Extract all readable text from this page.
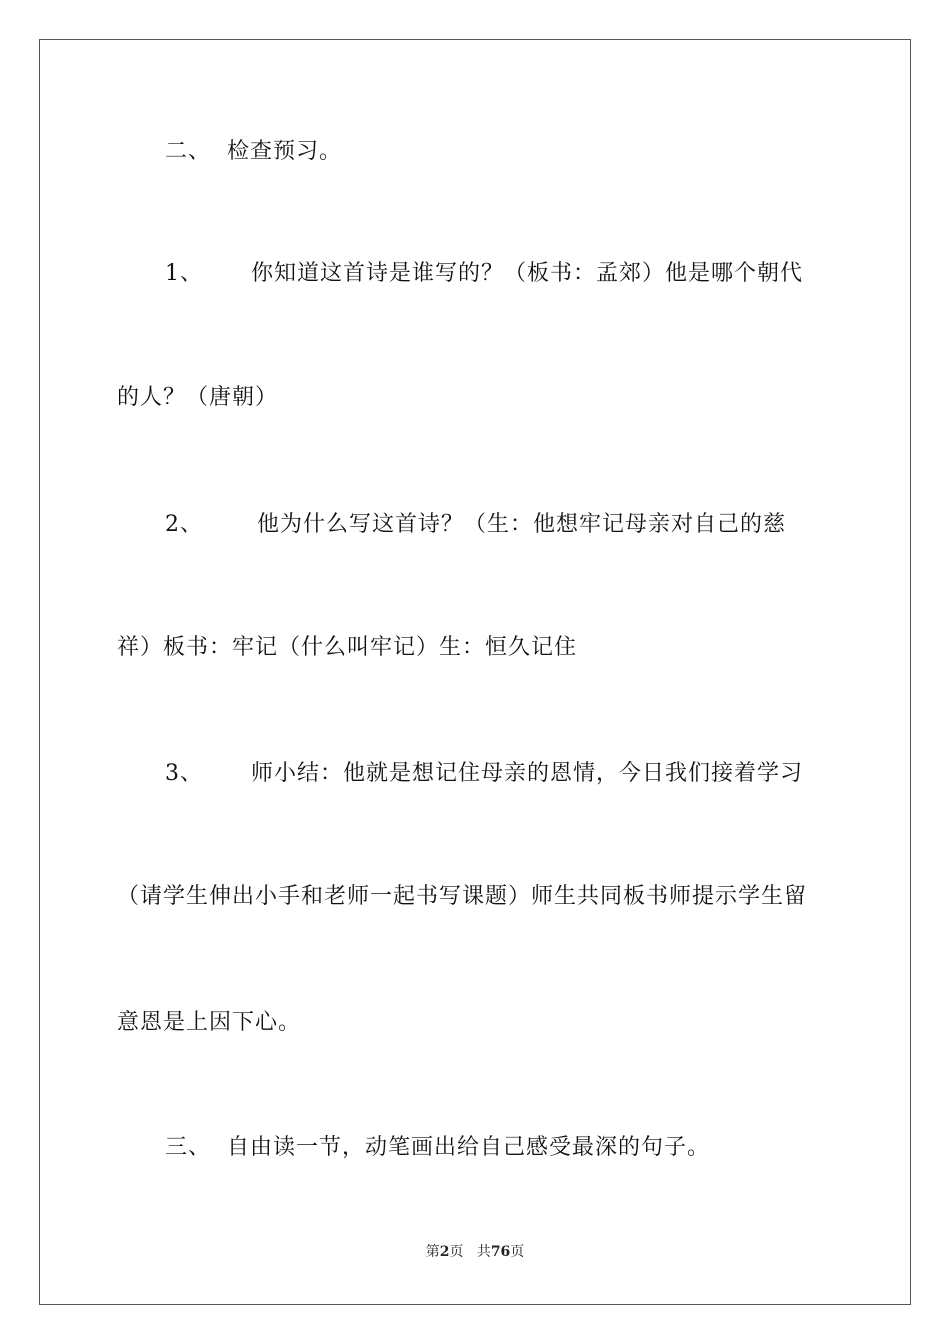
二、 检查预习。
1、 你知道这首诗是谁写的？（板书：孟郊）他是哪个朝代
的人？（唐朝）
2、 他为什么写这首诗？（生：他想牢记母亲对自己的慈
祥）板书：牢记（什么叫牢记）生：恒久记住
3、 师小结：他就是想记住母亲的恩情，今日我们接着学习
（请学生伸出小手和老师一起书写课题）师生共同板书师提示学生留
意恩是上因下心。
三、 自由读一节，动笔画出给自己感受最深的句子。
第2页 共76页
